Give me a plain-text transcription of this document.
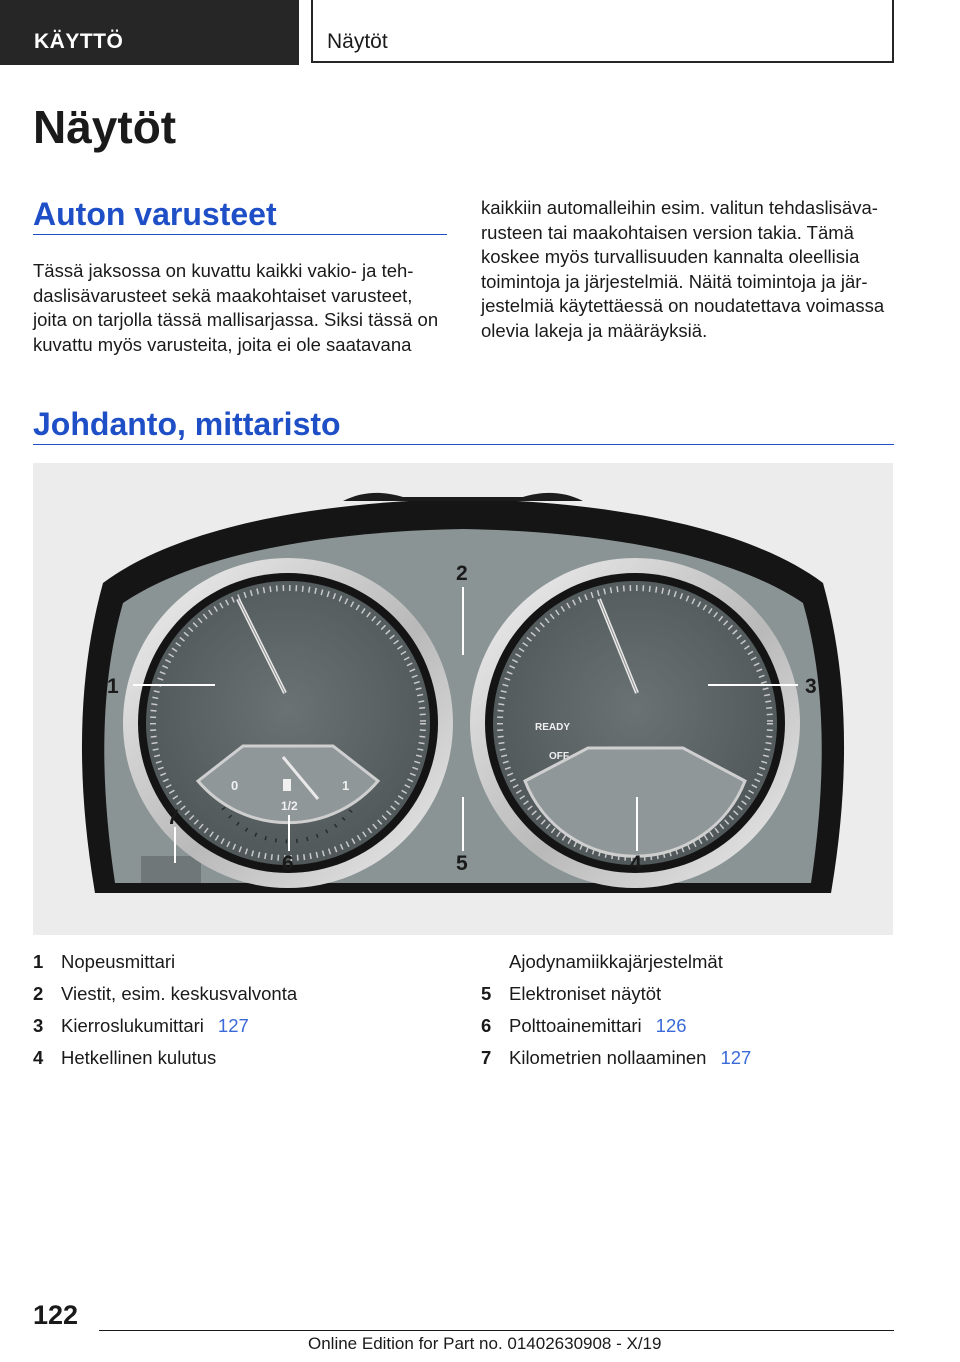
KÄYTTÖ	Näytöt
Näytöt
Auton varusteet

Tässä jaksossa on kuvattu kaikki vakio- ja teh-
daslisävarusteet sekä maakohtaiset varusteet,
joita on tarjolla tässä mallisarjassa. Siksi tässä on
kuvattu myös varusteita, joita ei ole saatavana

kaikkiin automalleihin esim. valitun tehdaslisäva-
rusteen tai maakohtaisen version takia. Tämä
koskee myös turvallisuuden kannalta oleellisia
toimintoja ja järjestelmiä. Näitä toimintoja ja jär-
jestelmiä käytettäessä on noudatettava voimassa
olevia lakeja ja määräyksiä.

Johdanto, mittaristo
0	1
1/2
READY
OFF
1
2
3
4
5
6
7
1 Nopeusmittari
2 Viestit, esim. keskusvalvonta
3 Kierroslukumittari 127
4 Hetkellinen kulutus
Ajodynamiikkajärjestelmät
5 Elektroniset näytöt
6 Polttoainemittari 126
7 Kilometrien nollaaminen 127
122
Online Edition for Part no. 01402630908 - X/19
